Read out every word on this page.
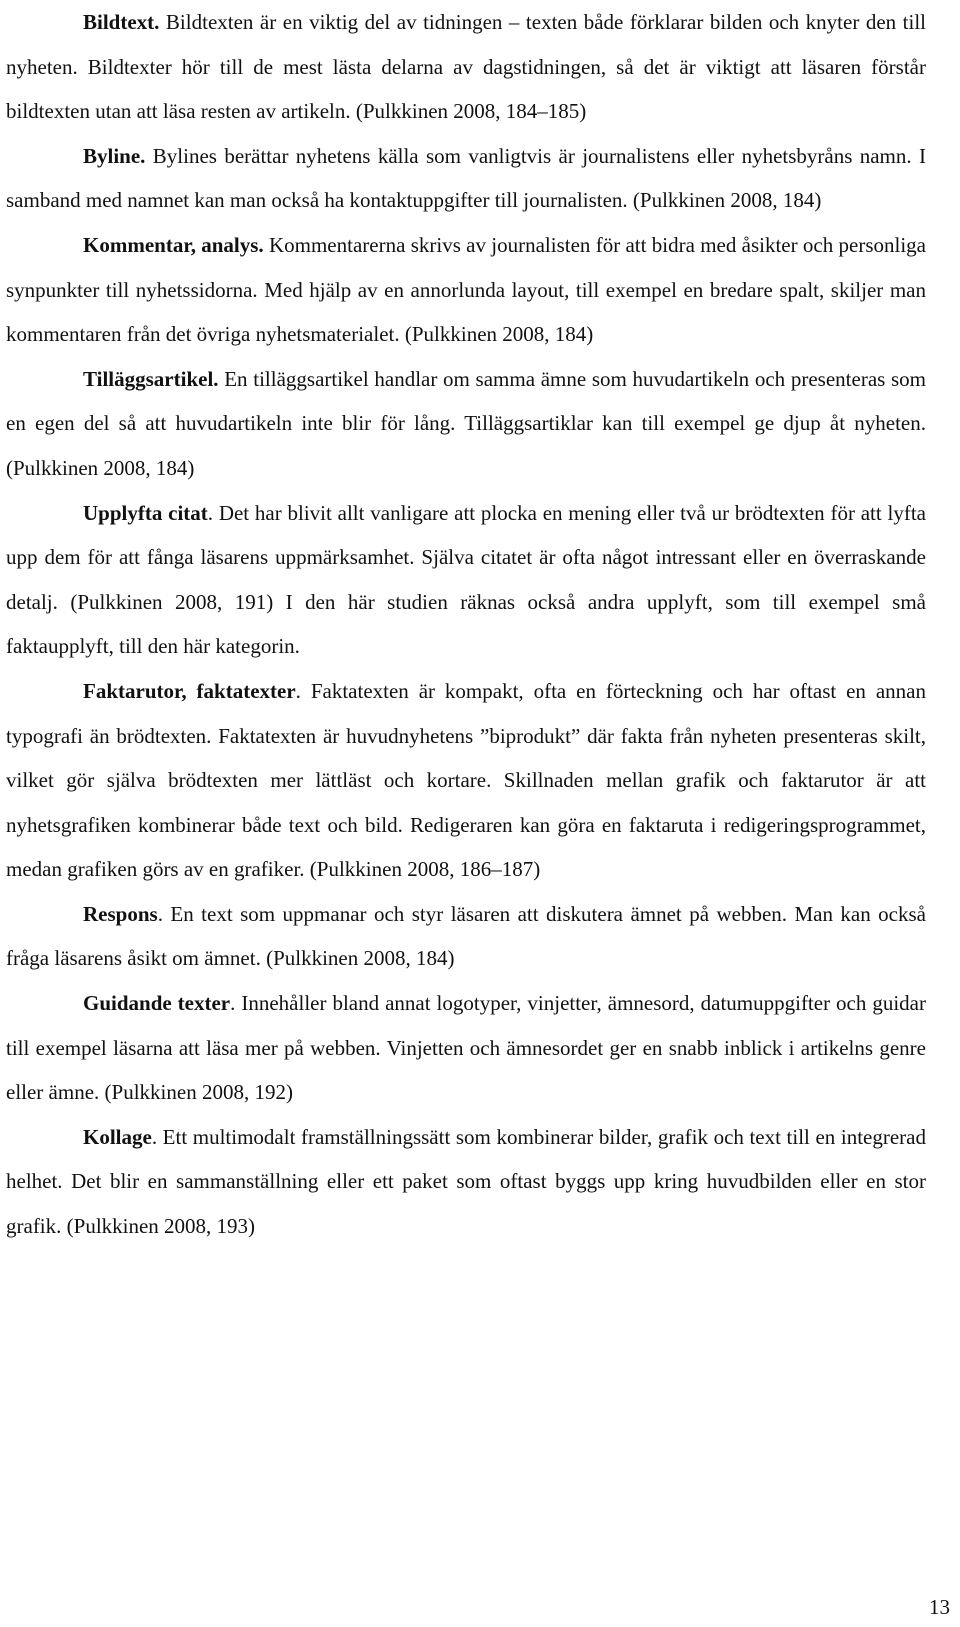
Bildtext. Bildtexten är en viktig del av tidningen – texten både förklarar bilden och knyter den till nyheten. Bildtexter hör till de mest lästa delarna av dagstidningen, så det är viktigt att läsaren förstår bildtexten utan att läsa resten av artikeln. (Pulkkinen 2008, 184–185)

Byline. Bylines berättar nyhetens källa som vanligtvis är journalistens eller nyhetsbyråns namn. I samband med namnet kan man också ha kontaktuppgifter till journalisten. (Pulkkinen 2008, 184)

Kommentar, analys. Kommentarerna skrivs av journalisten för att bidra med åsikter och personliga synpunkter till nyhetssidorna. Med hjälp av en annorlunda layout, till exempel en bredare spalt, skiljer man kommentaren från det övriga nyhetsmaterialet. (Pulkkinen 2008, 184)

Tilläggsartikel. En tilläggsartikel handlar om samma ämne som huvudartikeln och presenteras som en egen del så att huvudartikeln inte blir för lång. Tilläggsartiklar kan till exempel ge djup åt nyheten. (Pulkkinen 2008, 184)

Upplyfta citat. Det har blivit allt vanligare att plocka en mening eller två ur brödtexten för att lyfta upp dem för att fånga läsarens uppmärksamhet. Själva citatet är ofta något intressant eller en överraskande detalj. (Pulkkinen 2008, 191) I den här studien räknas också andra upplyft, som till exempel små faktaupplyft, till den här kategorin.

Faktarutor, faktatexter. Faktatexten är kompakt, ofta en förteckning och har oftast en annan typografi än brödtexten. Faktatexten är huvudnyhetens ”biprodukt” där fakta från nyheten presenteras skilt, vilket gör själva brödtexten mer lättläst och kortare. Skillnaden mellan grafik och faktarutor är att nyhetsgrafiken kombinerar både text och bild. Redigeraren kan göra en faktaruta i redigeringsprogrammet, medan grafiken görs av en grafiker. (Pulkkinen 2008, 186–187)

Respons. En text som uppmanar och styr läsaren att diskutera ämnet på webben. Man kan också fråga läsarens åsikt om ämnet. (Pulkkinen 2008, 184)

Guidande texter. Innehåller bland annat logotyper, vinjetter, ämnesord, datumuppgifter och guidar till exempel läsarna att läsa mer på webben. Vinjetten och ämnesordet ger en snabb inblick i artikelns genre eller ämne. (Pulkkinen 2008, 192)

Kollage. Ett multimodalt framställningssätt som kombinerar bilder, grafik och text till en integrerad helhet. Det blir en sammanställning eller ett paket som oftast byggs upp kring huvudbilden eller en stor grafik. (Pulkkinen 2008, 193)

13
